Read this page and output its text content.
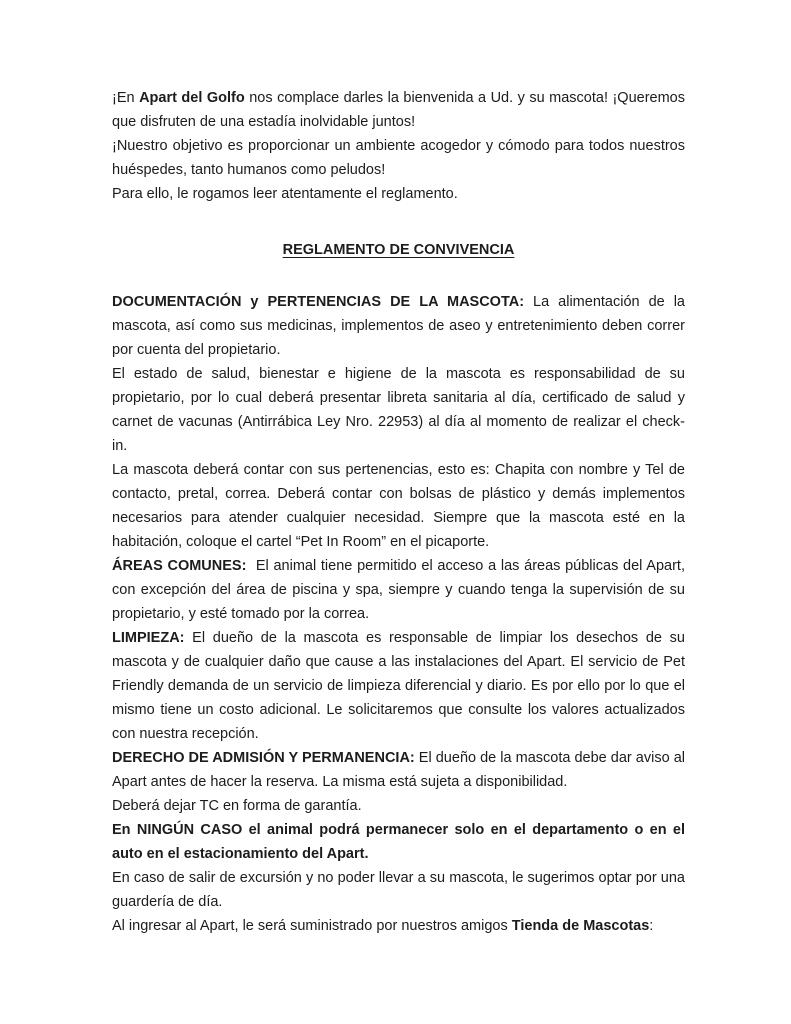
¡En Apart del Golfo nos complace darles la bienvenida a Ud. y su mascota! ¡Queremos que disfruten de una estadía inolvidable juntos!

¡Nuestro objetivo es proporcionar un ambiente acogedor y cómodo para todos nuestros huéspedes, tanto humanos como peludos!

Para ello, le rogamos leer atentamente el reglamento.

REGLAMENTO DE CONVIVENCIA

DOCUMENTACIÓN y PERTENENCIAS DE LA MASCOTA: La alimentación de la mascota, así como sus medicinas, implementos de aseo y entretenimiento deben correr por cuenta del propietario.

El estado de salud, bienestar e higiene de la mascota es responsabilidad de su propietario, por lo cual deberá presentar libreta sanitaria al día, certificado de salud y carnet de vacunas (Antirrábica Ley Nro. 22953) al día al momento de realizar el check-in.

La mascota deberá contar con sus pertenencias, esto es: Chapita con nombre y Tel de contacto, pretal, correa. Deberá contar con bolsas de plástico y demás implementos necesarios para atender cualquier necesidad. Siempre que la mascota esté en la habitación, coloque el cartel “Pet In Room” en el picaporte.

ÁREAS COMUNES:  El animal tiene permitido el acceso a las áreas públicas del Apart, con excepción del área de piscina y spa, siempre y cuando tenga la supervisión de su propietario, y esté tomado por la correa.

LIMPIEZA: El dueño de la mascota es responsable de limpiar los desechos de su mascota y de cualquier daño que cause a las instalaciones del Apart. El servicio de Pet Friendly demanda de un servicio de limpieza diferencial y diario. Es por ello por lo que el mismo tiene un costo adicional. Le solicitaremos que consulte los valores actualizados con nuestra recepción.

DERECHO DE ADMISIÓN Y PERMANENCIA: El dueño de la mascota debe dar aviso al Apart antes de hacer la reserva. La misma está sujeta a disponibilidad.

Deberá dejar TC en forma de garantía.

En NINGÚN CASO el animal podrá permanecer solo en el departamento o en el auto en el estacionamiento del Apart.

En caso de salir de excursión y no poder llevar a su mascota, le sugerimos optar por una guardería de día.

Al ingresar al Apart, le será suministrado por nuestros amigos Tienda de Mascotas:
